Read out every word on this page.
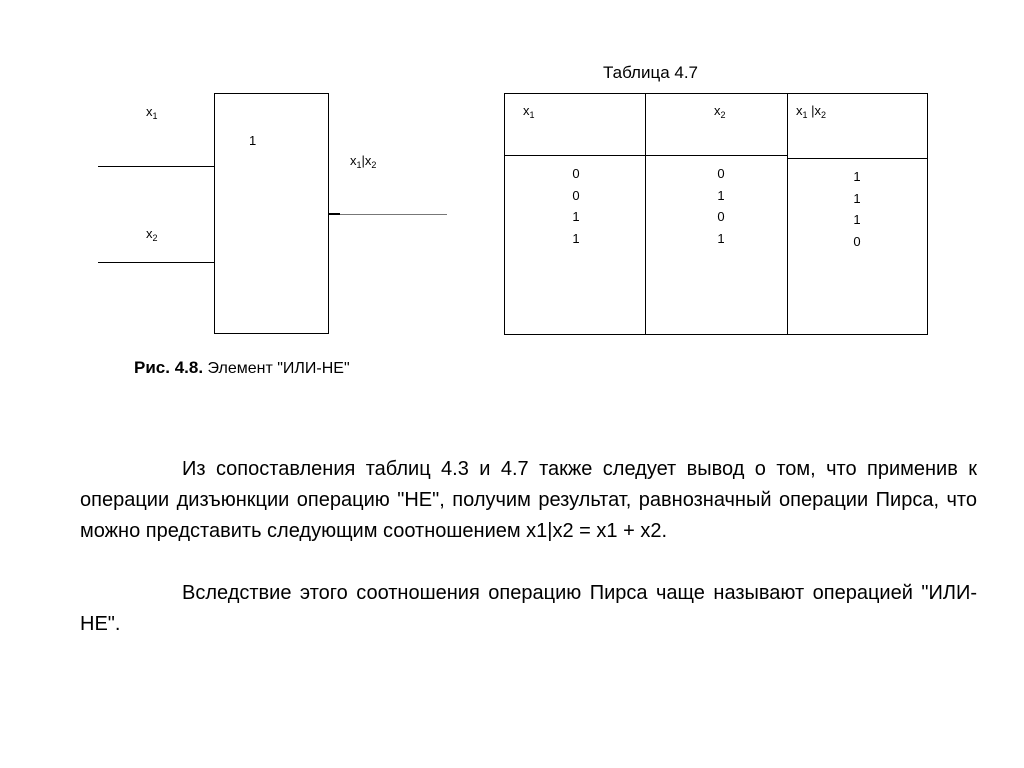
$x_1$
$x_2$
1
$x_1|x_2$
Рис. 4.8. Элемент "ИЛИ-НЕ"
Таблица 4.7
$x_1$	$x_2$	$x_1$ $|x_2$
0
0
1
1
0
1
0
1
1
1
1
0

Из сопоставления таблиц 4.3 и 4.7 также следует вывод о том, что применив к операции дизъюнкции операцию "НЕ", получим результат, равнозначный операции Пирса, что можно представить следующим соотношением x1|x2 = x1 + x2.

Вследствие этого соотношения операцию Пирса чаще называют операцией "ИЛИ-НЕ".
